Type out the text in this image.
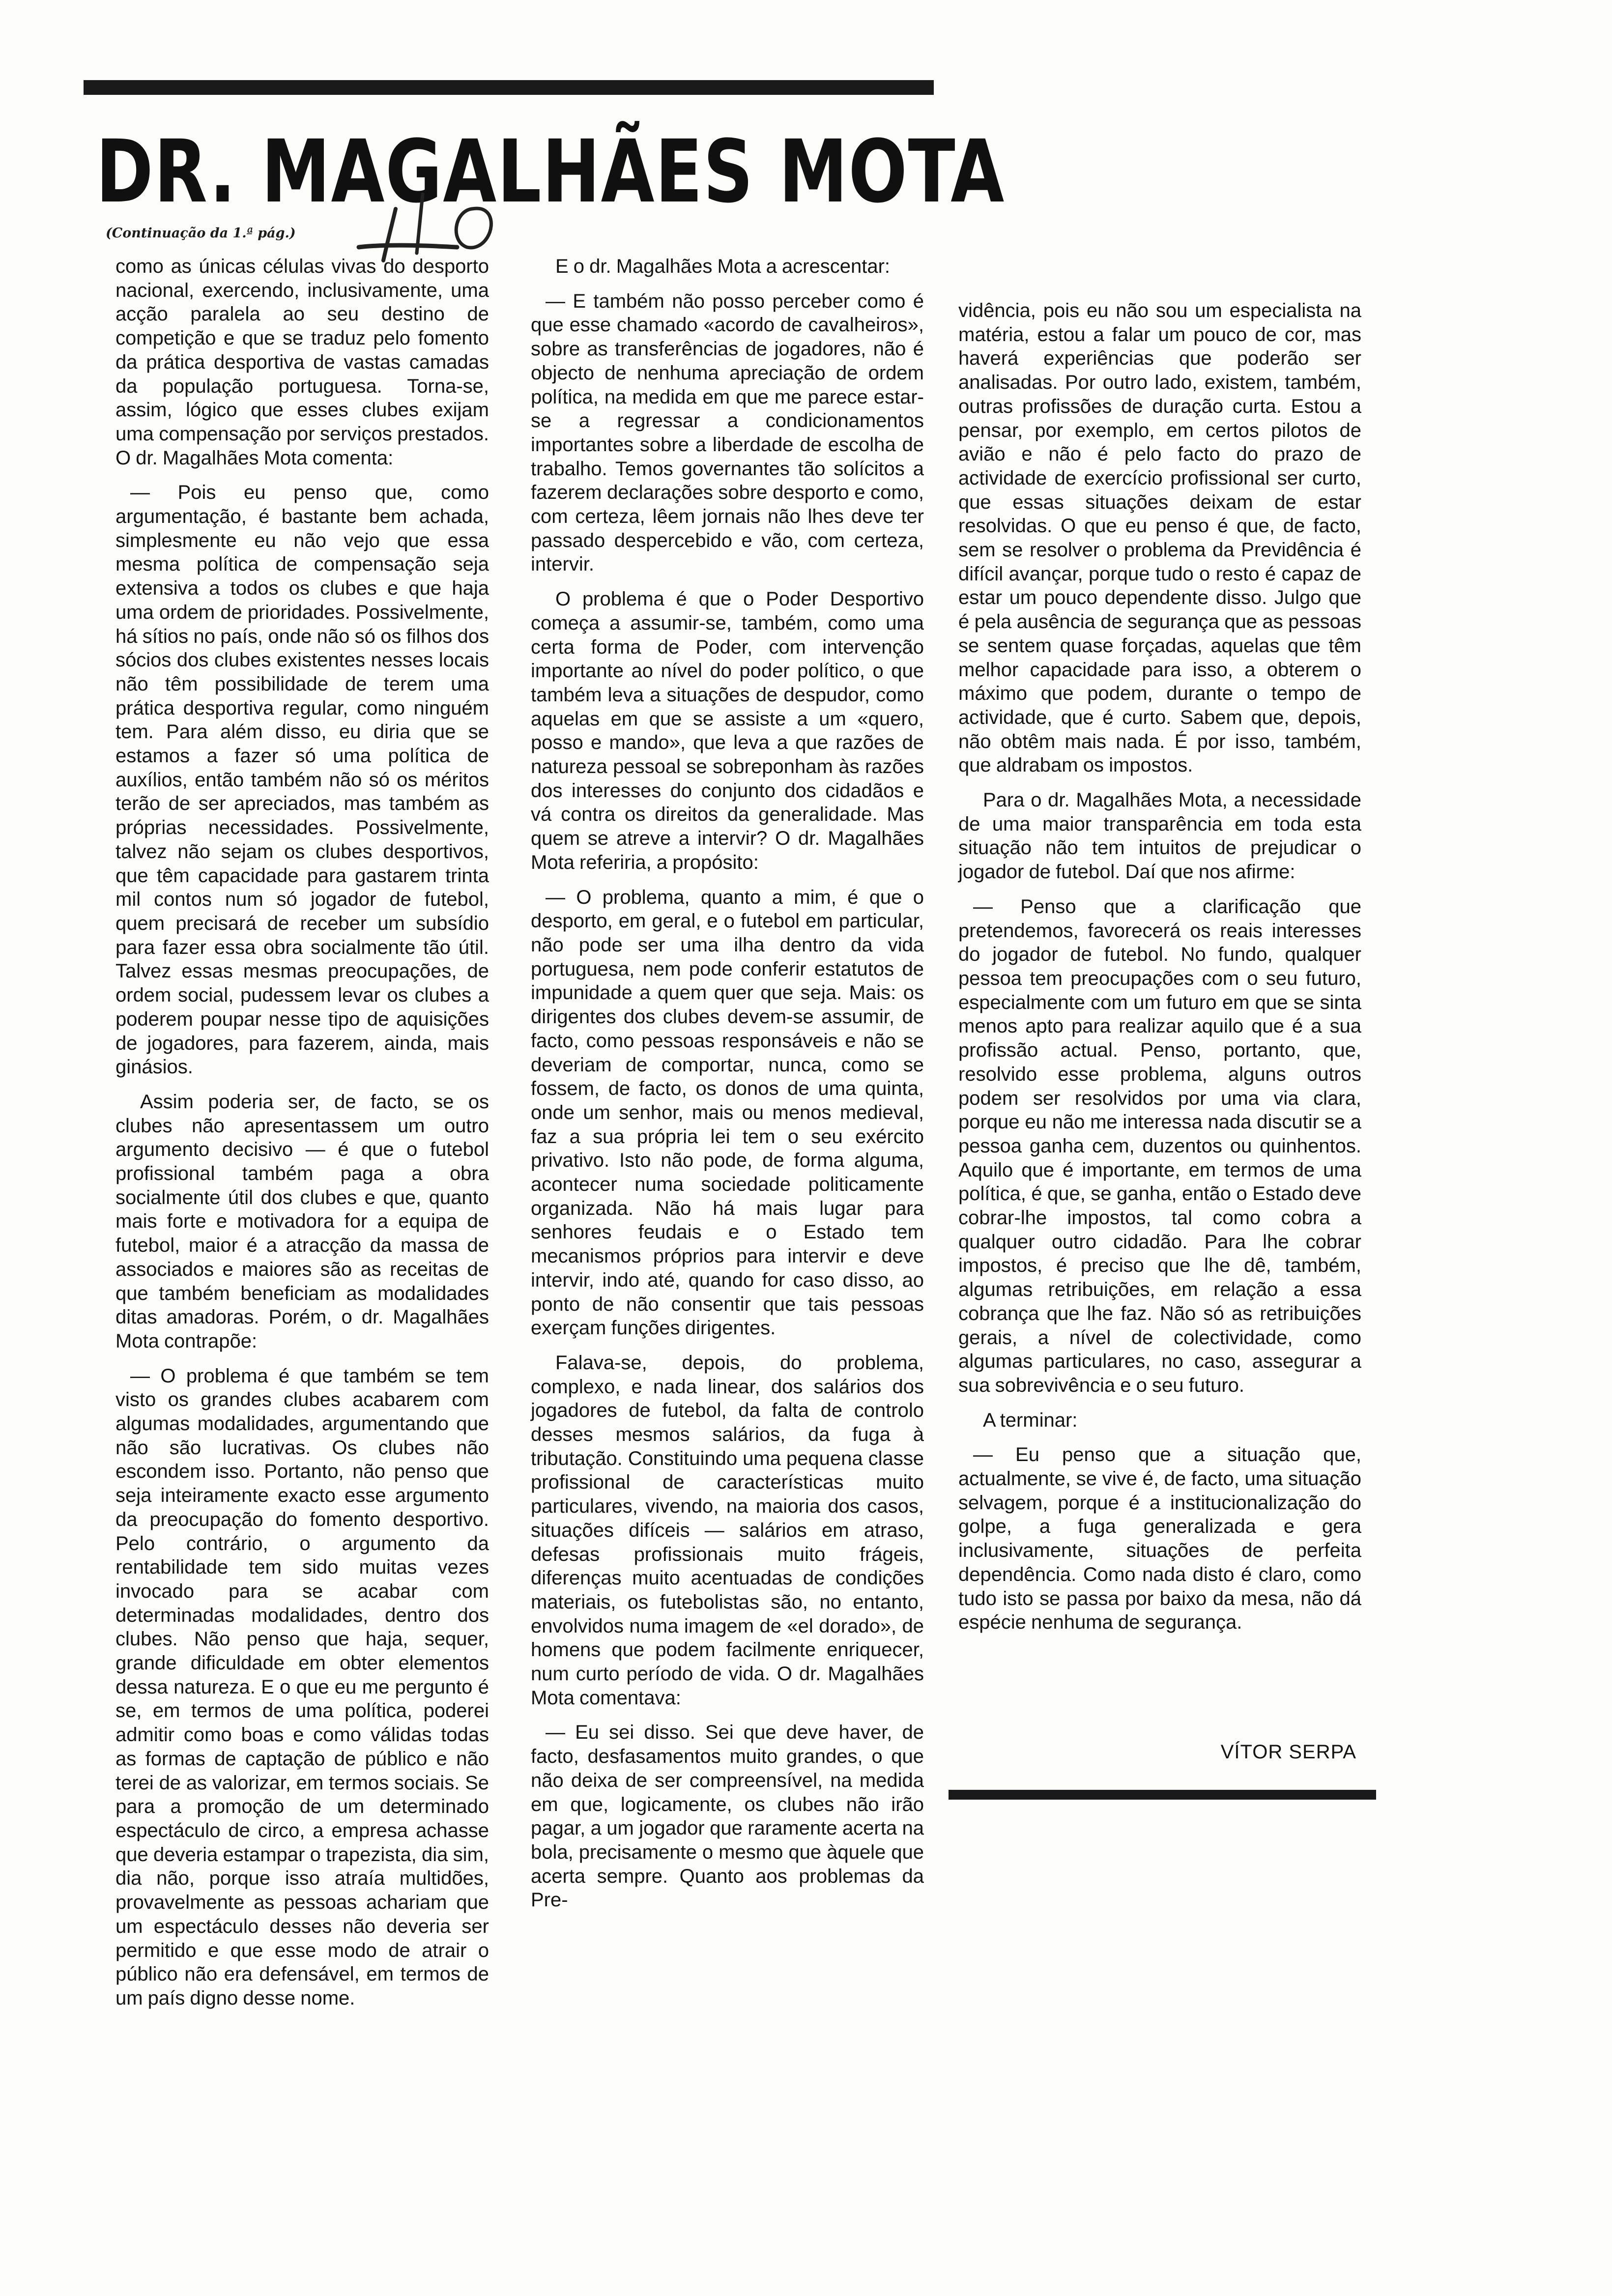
DR. MAGALHÃES MOTA
(Continuação da 1.ª pág.)

como as únicas células vivas do desporto nacional, exercendo, inclusivamente, uma acção paralela ao seu destino de competição e que se traduz pelo fomento da prática desportiva de vastas camadas da população portuguesa. Torna-se, assim, lógico que esses clubes exijam uma compensação por serviços prestados. O dr. Magalhães Mota comenta:

— Pois eu penso que, como argumentação, é bastante bem achada, simplesmente eu não vejo que essa mesma política de compensação seja extensiva a todos os clubes e que haja uma ordem de prioridades. Possivelmente, há sítios no país, onde não só os filhos dos sócios dos clubes existentes nesses locais não têm possibilidade de terem uma prática desportiva regular, como ninguém tem. Para além disso, eu diria que se estamos a fazer só uma política de auxílios, então também não só os méritos terão de ser apreciados, mas também as próprias necessidades. Possivelmente, talvez não sejam os clubes desportivos, que têm capacidade para gastarem trinta mil contos num só jogador de futebol, quem precisará de receber um subsídio para fazer essa obra socialmente tão útil. Talvez essas mesmas preocupações, de ordem social, pudessem levar os clubes a poderem poupar nesse tipo de aquisições de jogadores, para fazerem, ainda, mais ginásios.

Assim poderia ser, de facto, se os clubes não apresentassem um outro argumento decisivo — é que o futebol profissional também paga a obra socialmente útil dos clubes e que, quanto mais forte e motivadora for a equipa de futebol, maior é a atracção da massa de associados e maiores são as receitas de que também beneficiam as modalidades ditas amadoras. Porém, o dr. Magalhães Mota contrapõe:

— O problema é que também se tem visto os grandes clubes acabarem com algumas modalidades, argumentando que não são lucrativas. Os clubes não escondem isso. Portanto, não penso que seja inteiramente exacto esse argumento da preocupação do fomento desportivo. Pelo contrário, o argumento da rentabilidade tem sido muitas vezes invocado para se acabar com determinadas modalidades, dentro dos clubes. Não penso que haja, sequer, grande dificuldade em obter elementos dessa natureza. E o que eu me pergunto é se, em termos de uma política, poderei admitir como boas e como válidas todas as formas de captação de público e não terei de as valorizar, em termos sociais. Se para a promoção de um determinado espectáculo de circo, a empresa achasse que deveria estampar o trapezista, dia sim, dia não, porque isso atraía multidões, provavelmente as pessoas achariam que um espectáculo desses não deveria ser permitido e que esse modo de atrair o público não era defensável, em termos de um país digno desse nome.

E o dr. Magalhães Mota a acrescentar:

— E também não posso perceber como é que esse chamado «acordo de cavalheiros», sobre as transferências de jogadores, não é objecto de nenhuma apreciação de ordem política, na medida em que me parece estar-se a regressar a condicionamentos importantes sobre a liberdade de escolha de trabalho. Temos governantes tão solícitos a fazerem declarações sobre desporto e como, com certeza, lêem jornais não lhes deve ter passado despercebido e vão, com certeza, intervir.

O problema é que o Poder Desportivo começa a assumir-se, também, como uma certa forma de Poder, com intervenção importante ao nível do poder político, o que também leva a situações de despudor, como aquelas em que se assiste a um «quero, posso e mando», que leva a que razões de natureza pessoal se sobreponham às razões dos interesses do conjunto dos cidadãos e vá contra os direitos da generalidade. Mas quem se atreve a intervir? O dr. Magalhães Mota referiria, a propósito:

— O problema, quanto a mim, é que o desporto, em geral, e o futebol em particular, não pode ser uma ilha dentro da vida portuguesa, nem pode conferir estatutos de impunidade a quem quer que seja. Mais: os dirigentes dos clubes devem-se assumir, de facto, como pessoas responsáveis e não se deveriam de comportar, nunca, como se fossem, de facto, os donos de uma quinta, onde um senhor, mais ou menos medieval, faz a sua própria lei tem o seu exército privativo. Isto não pode, de forma alguma, acontecer numa sociedade politicamente organizada. Não há mais lugar para senhores feudais e o Estado tem mecanismos próprios para intervir e deve intervir, indo até, quando for caso disso, ao ponto de não consentir que tais pessoas exerçam funções dirigentes.

Falava-se, depois, do problema, complexo, e nada linear, dos salários dos jogadores de futebol, da falta de controlo desses mesmos salários, da fuga à tributação. Constituindo uma pequena classe profissional de características muito particulares, vivendo, na maioria dos casos, situações difíceis — salários em atraso, defesas profissionais muito frágeis, diferenças muito acentuadas de condições materiais, os futebolistas são, no entanto, envolvidos numa imagem de «el dorado», de homens que podem facilmente enriquecer, num curto período de vida. O dr. Magalhães Mota comentava:

— Eu sei disso. Sei que deve haver, de facto, desfasamentos muito grandes, o que não deixa de ser compreensível, na medida em que, logicamente, os clubes não irão pagar, a um jogador que raramente acerta na bola, precisamente o mesmo que àquele que acerta sempre. Quanto aos problemas da Pre-

vidência, pois eu não sou um especialista na matéria, estou a falar um pouco de cor, mas haverá experiências que poderão ser analisadas. Por outro lado, existem, também, outras profissões de duração curta. Estou a pensar, por exemplo, em certos pilotos de avião e não é pelo facto do prazo de actividade de exercício profissional ser curto, que essas situações deixam de estar resolvidas. O que eu penso é que, de facto, sem se resolver o problema da Previdência é difícil avançar, porque tudo o resto é capaz de estar um pouco dependente disso. Julgo que é pela ausência de segurança que as pessoas se sentem quase forçadas, aquelas que têm melhor capacidade para isso, a obterem o máximo que podem, durante o tempo de actividade, que é curto. Sabem que, depois, não obtêm mais nada. É por isso, também, que aldrabam os impostos.

Para o dr. Magalhães Mota, a necessidade de uma maior transparência em toda esta situação não tem intuitos de prejudicar o jogador de futebol. Daí que nos afirme:

— Penso que a clarificação que pretendemos, favorecerá os reais interesses do jogador de futebol. No fundo, qualquer pessoa tem preocupações com o seu futuro, especialmente com um futuro em que se sinta menos apto para realizar aquilo que é a sua profissão actual. Penso, portanto, que, resolvido esse problema, alguns outros podem ser resolvidos por uma via clara, porque eu não me interessa nada discutir se a pessoa ganha cem, duzentos ou quinhentos. Aquilo que é importante, em termos de uma política, é que, se ganha, então o Estado deve cobrar-lhe impostos, tal como cobra a qualquer outro cidadão. Para lhe cobrar impostos, é preciso que lhe dê, também, algumas retribuições, em relação a essa cobrança que lhe faz. Não só as retribuições gerais, a nível de colectividade, como algumas particulares, no caso, assegurar a sua sobrevivência e o seu futuro.

A terminar:

— Eu penso que a situação que, actualmente, se vive é, de facto, uma situação selvagem, porque é a institucionalização do golpe, a fuga generalizada e gera inclusivamente, situações de perfeita dependência. Como nada disto é claro, como tudo isto se passa por baixo da mesa, não dá espécie nenhuma de segurança.

VÍTOR SERPA
